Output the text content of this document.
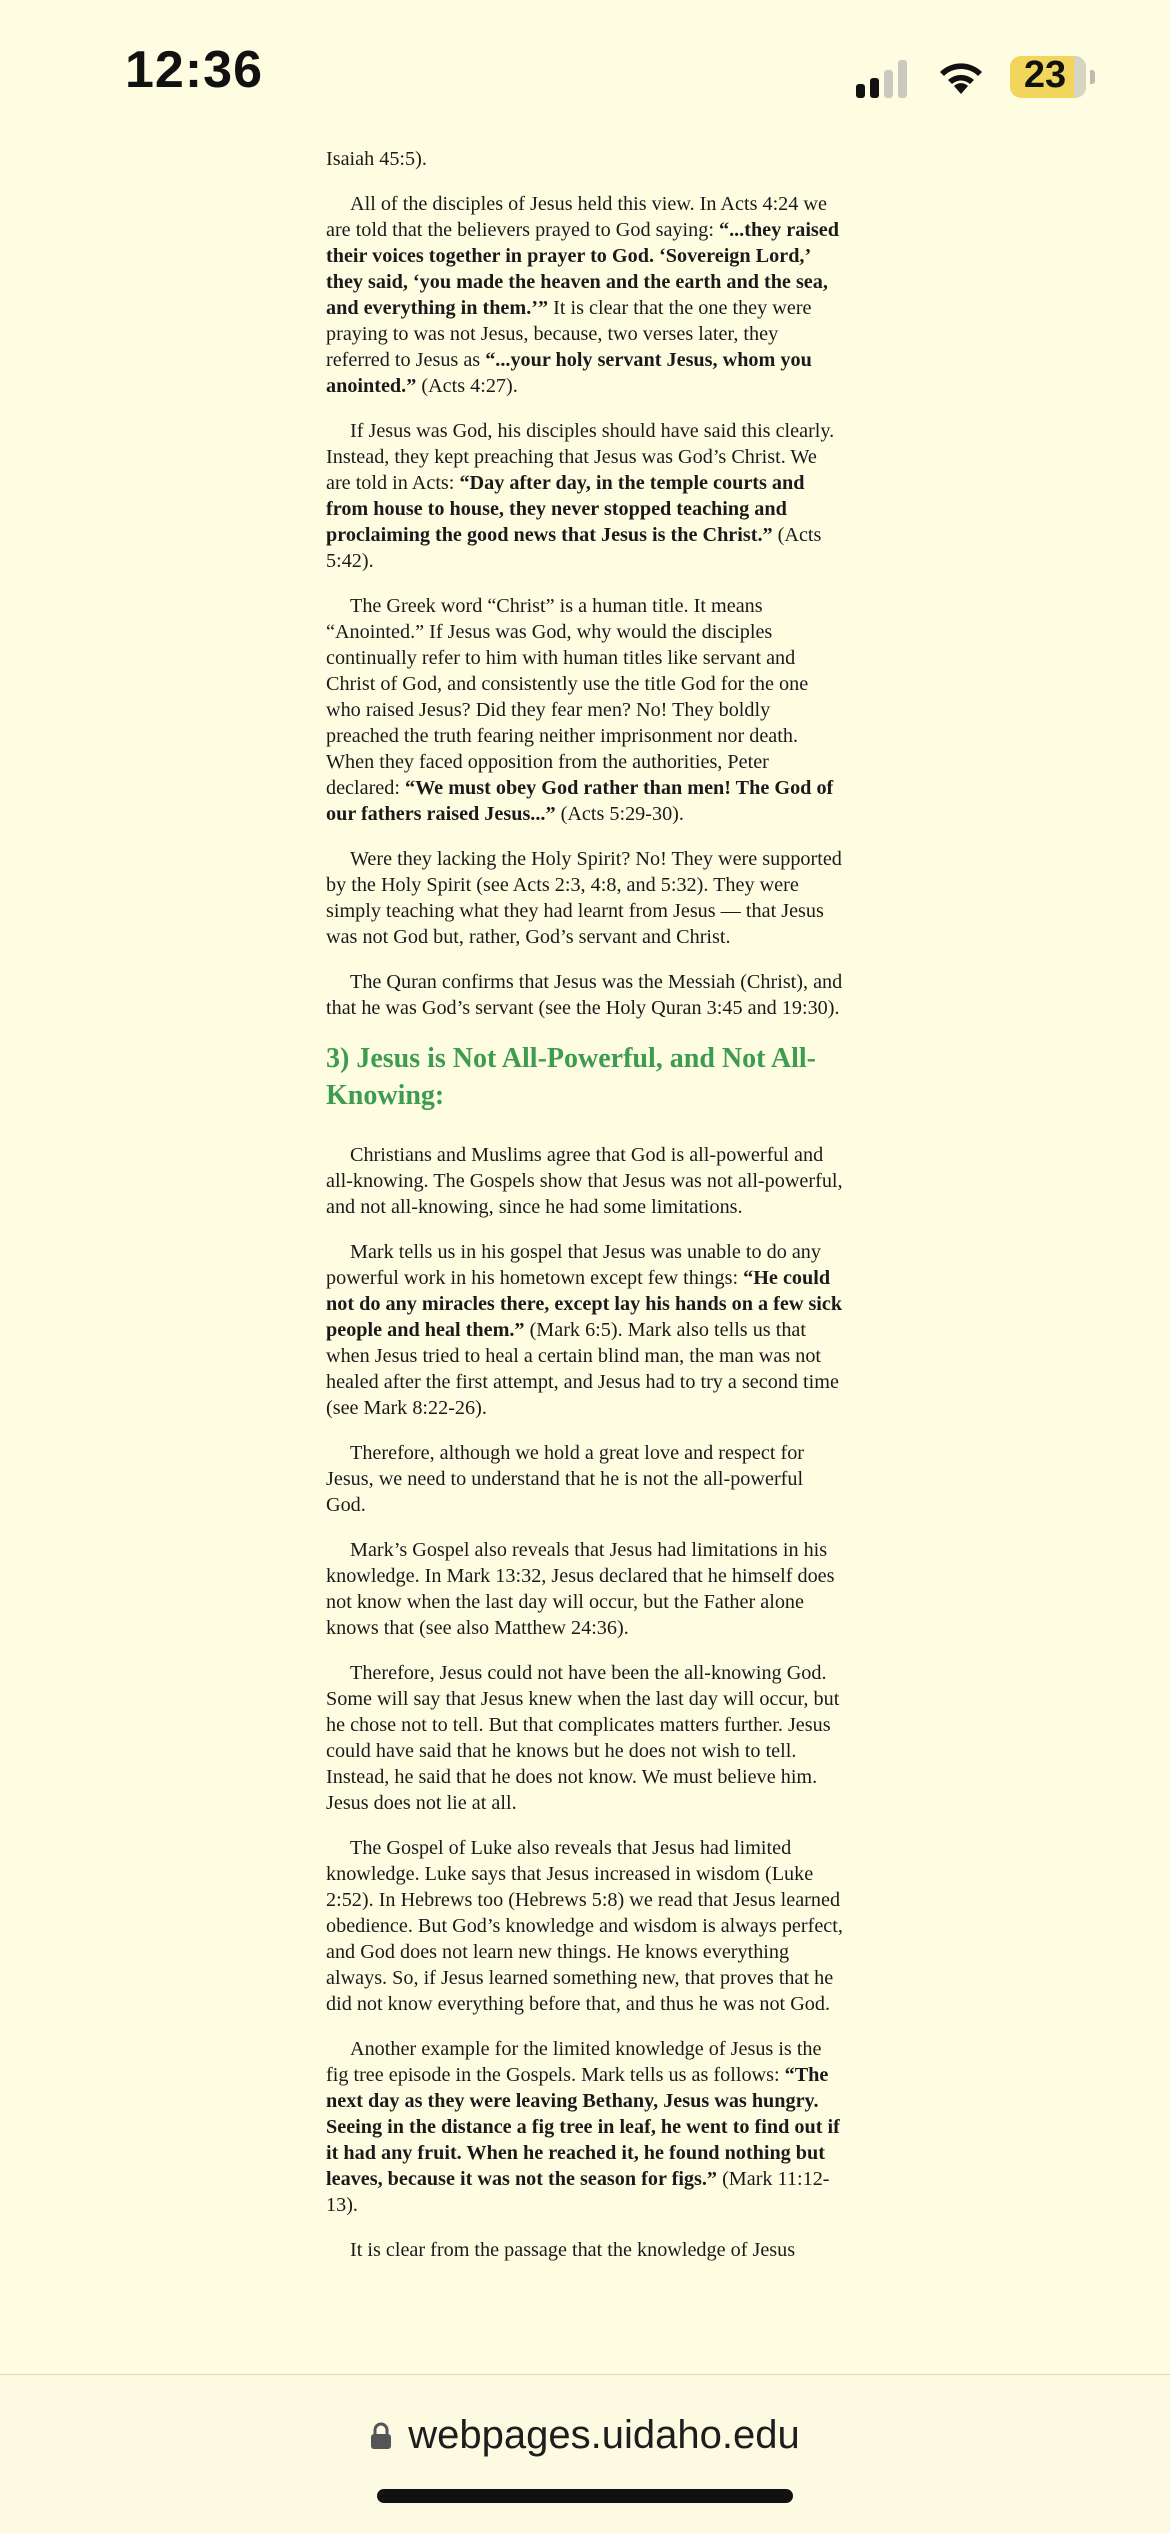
12:36	23

Isaiah 45:5).

All of the disciples of Jesus held this view. In Acts 4:24 we are told that the believers prayed to God saying: “...they raised their voices together in prayer to God. ‘Sovereign Lord,’ they said, ‘you made the heaven and the earth and the sea, and everything in them.’” It is clear that the one they were praying to was not Jesus, because, two verses later, they referred to Jesus as “...your holy servant Jesus, whom you anointed.” (Acts 4:27).

If Jesus was God, his disciples should have said this clearly. Instead, they kept preaching that Jesus was God’s Christ. We are told in Acts: “Day after day, in the temple courts and from house to house, they never stopped teaching and proclaiming the good news that Jesus is the Christ.” (Acts 5:42).

The Greek word “Christ” is a human title. It means “Anointed.” If Jesus was God, why would the disciples continually refer to him with human titles like servant and Christ of God, and consistently use the title God for the one who raised Jesus? Did they fear men? No! They boldly preached the truth fearing neither imprisonment nor death. When they faced opposition from the authorities, Peter declared: “We must obey God rather than men! The God of our fathers raised Jesus...” (Acts 5:29-30).

Were they lacking the Holy Spirit? No! They were supported by the Holy Spirit (see Acts 2:3, 4:8, and 5:32). They were simply teaching what they had learnt from Jesus — that Jesus was not God but, rather, God’s servant and Christ.

The Quran confirms that Jesus was the Messiah (Christ), and that he was God’s servant (see the Holy Quran 3:45 and 19:30).

3) Jesus is Not All-Powerful, and Not All-Knowing:

Christians and Muslims agree that God is all-powerful and all-knowing. The Gospels show that Jesus was not all-powerful, and not all-knowing, since he had some limitations.

Mark tells us in his gospel that Jesus was unable to do any powerful work in his hometown except few things: “He could not do any miracles there, except lay his hands on a few sick people and heal them.” (Mark 6:5). Mark also tells us that when Jesus tried to heal a certain blind man, the man was not healed after the first attempt, and Jesus had to try a second time (see Mark 8:22-26).

Therefore, although we hold a great love and respect for Jesus, we need to understand that he is not the all-powerful God.

Mark’s Gospel also reveals that Jesus had limitations in his knowledge. In Mark 13:32, Jesus declared that he himself does not know when the last day will occur, but the Father alone knows that (see also Matthew 24:36).

Therefore, Jesus could not have been the all-knowing God. Some will say that Jesus knew when the last day will occur, but he chose not to tell. But that complicates matters further. Jesus could have said that he knows but he does not wish to tell. Instead, he said that he does not know. We must believe him. Jesus does not lie at all.

The Gospel of Luke also reveals that Jesus had limited knowledge. Luke says that Jesus increased in wisdom (Luke 2:52). In Hebrews too (Hebrews 5:8) we read that Jesus learned obedience. But God’s knowledge and wisdom is always perfect, and God does not learn new things. He knows everything always. So, if Jesus learned something new, that proves that he did not know everything before that, and thus he was not God.

Another example for the limited knowledge of Jesus is the fig tree episode in the Gospels. Mark tells us as follows: “The next day as they were leaving Bethany, Jesus was hungry. Seeing in the distance a fig tree in leaf, he went to find out if it had any fruit. When he reached it, he found nothing but leaves, because it was not the season for figs.” (Mark 11:12-13).

It is clear from the passage that the knowledge of Jesus

webpages.uidaho.edu
